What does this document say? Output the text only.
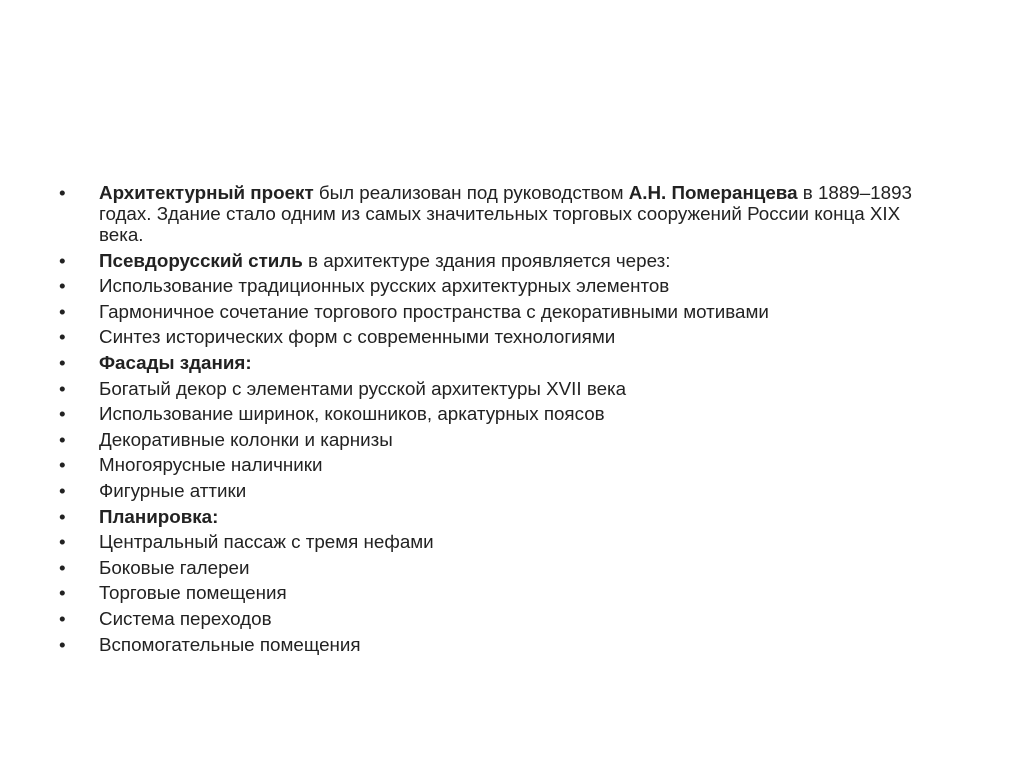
• Архитектурный проект был реализован под руководством А.Н. Померанцева в 1889–1893
годах. Здание стало одним из самых значительных торговых сооружений России конца XIX
века.
• Псевдорусский стиль в архитектуре здания проявляется через:
• Использование традиционных русских архитектурных элементов
• Гармоничное сочетание торгового пространства с декоративными мотивами
• Синтез исторических форм с современными технологиями
• Фасады здания:
• Богатый декор с элементами русской архитектуры XVII века
• Использование ширинок, кокошников, аркатурных поясов
• Декоративные колонки и карнизы
• Многоярусные наличники
• Фигурные аттики
• Планировка:
• Центральный пассаж с тремя нефами
• Боковые галереи
• Торговые помещения
• Система переходов
• Вспомогательные помещения
